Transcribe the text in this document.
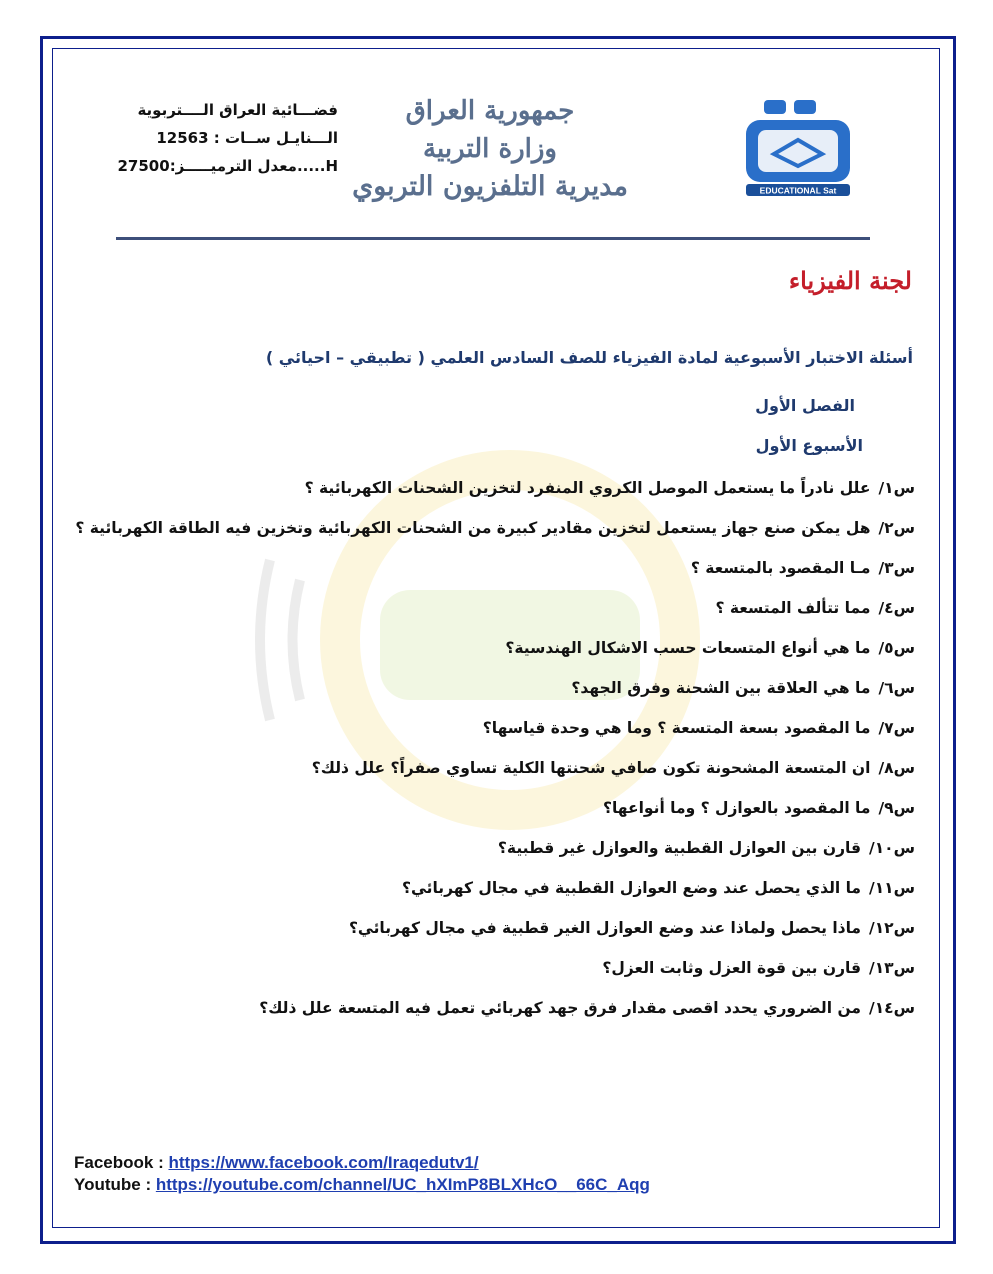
فضـــائية العراق الــــتربوية
الـــنايـل ســات : 12563
H.....معدل الترميـــــز:27500
جمهورية العراق
وزارة التربية
مديرية التلفزيون التربوي	EDUCATIONAL Sat
لجنة الفيزياء
أسئلة الاختبار الأسبوعية لمادة الفيزياء للصف السادس العلمي ( تطبيقي – احيائي )
الفصل الأول
الأسبوع الأول
س١/علل نادراً ما يستعمل الموصل الكروي المنفرد لتخزين الشحنات الكهربائية ؟
س٢/هل يمكن صنع جهاز يستعمل لتخزين مقادير كبيرة من الشحنات الكهربائية وتخزين فيه الطاقة الكهربائية ؟
س٣/مـا المقصود بالمتسعة ؟
س٤/مما تتألف المتسعة ؟
س٥/ما هي أنواع المتسعات حسب الاشكال الهندسية؟
س٦/ما هي العلاقة بين الشحنة وفرق الجهد؟
س٧/ما المقصود بسعة المتسعة ؟ وما هي وحدة قياسها؟
س٨/ان المتسعة المشحونة تكون صافي شحنتها الكلية تساوي صفراً؟ علل ذلك؟
س٩/ما المقصود بالعوازل ؟ وما أنواعها؟
س١٠/قارن بين العوازل القطبية والعوازل غير قطبية؟
س١١/ما الذي يحصل عند وضع العوازل القطبية في مجال كهربائي؟
س١٢/ماذا يحصل ولماذا عند وضع العوازل الغير قطبية في مجال كهربائي؟
س١٣/قارن بين قوة العزل وثابت العزل؟
س١٤/من الضروري يحدد اقصى مقدار فرق جهد كهربائي تعمل فيه المتسعة علل ذلك؟
Facebook : https://www.facebook.com/Iraqedutv1/
Youtube : https://youtube.com/channel/UC_hXImP8BLXHcO__66C_Aqg
